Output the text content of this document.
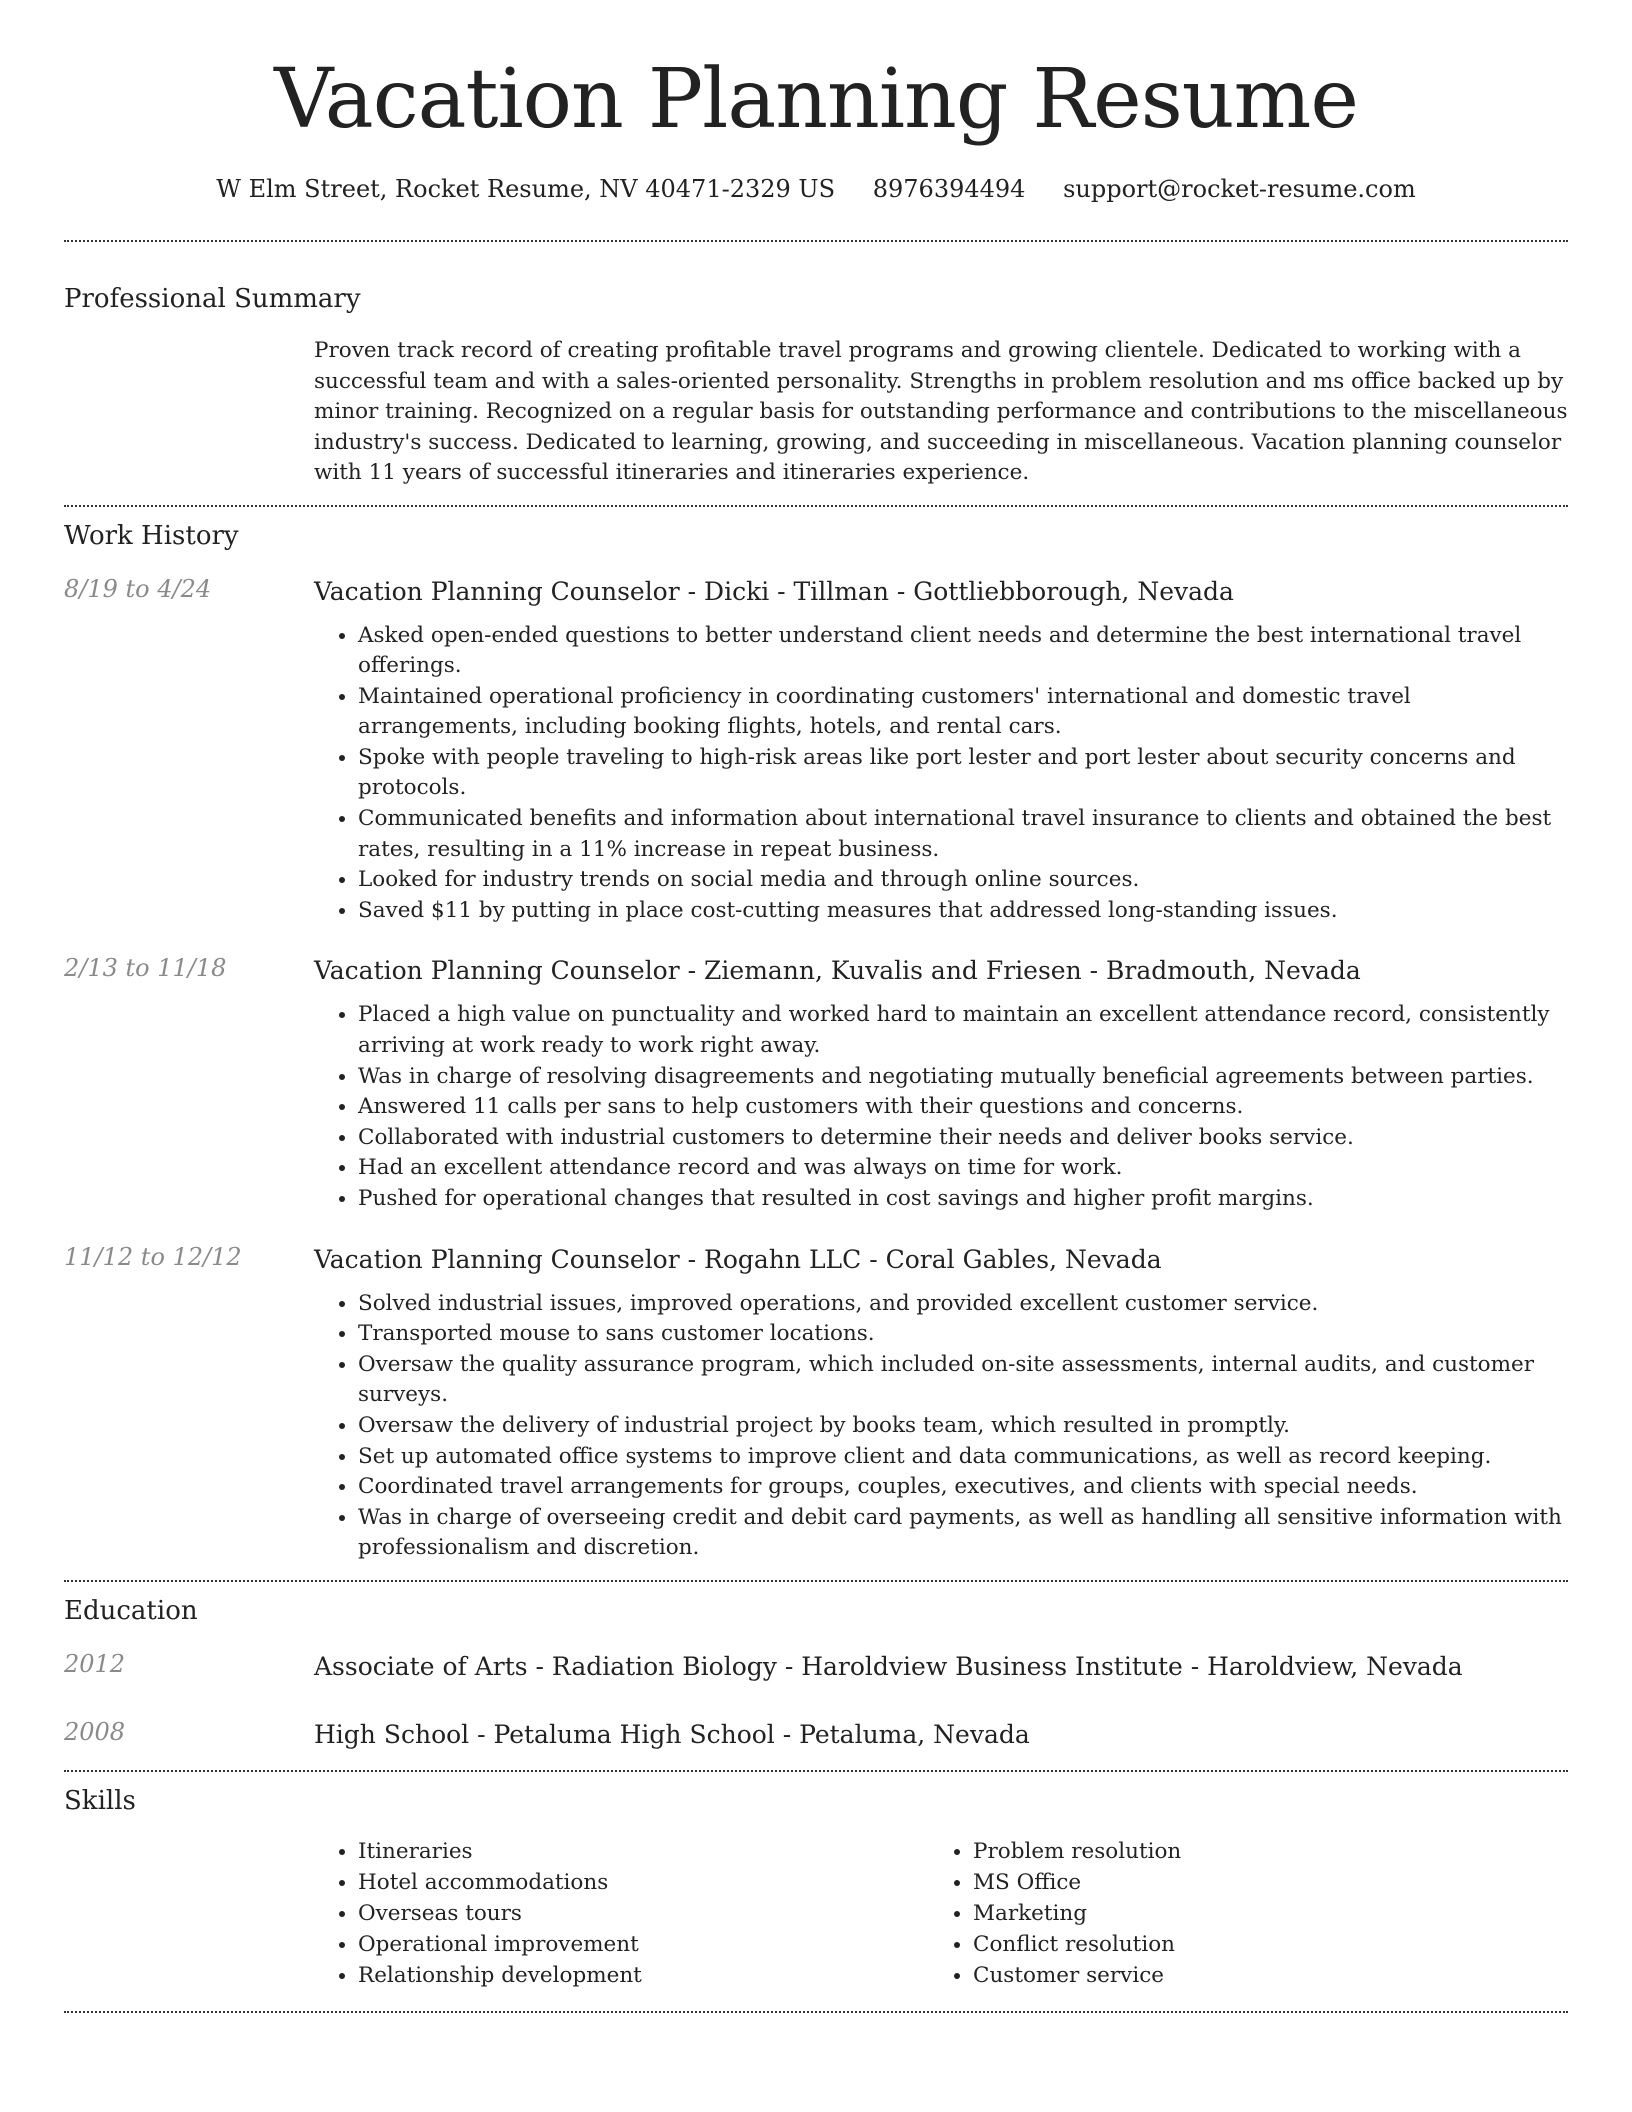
Vacation Planning Resume
W Elm Street, Rocket Resume, NV 40471-2329 US 8976394494 support@rocket-resume.com
Professional Summary
Proven track record of creating profitable travel programs and growing clientele. Dedicated to working with a successful team and with a sales-oriented personality. Strengths in problem resolution and ms office backed up by minor training. Recognized on a regular basis for outstanding performance and contributions to the miscellaneous industry's success. Dedicated to learning, growing, and succeeding in miscellaneous. Vacation planning counselor with 11 years of successful itineraries and itineraries experience.
Work History
8/19 to 4/24	Vacation Planning Counselor - Dicki - Tillman - Gottliebborough, Nevada
• Asked open-ended questions to better understand client needs and determine the best international travel offerings.
• Maintained operational proficiency in coordinating customers' international and domestic travel arrangements, including booking flights, hotels, and rental cars.
• Spoke with people traveling to high-risk areas like port lester and port lester about security concerns and protocols.
• Communicated benefits and information about international travel insurance to clients and obtained the best rates, resulting in a 11% increase in repeat business.
• Looked for industry trends on social media and through online sources.
• Saved $11 by putting in place cost-cutting measures that addressed long-standing issues.
2/13 to 11/18	Vacation Planning Counselor - Ziemann, Kuvalis and Friesen - Bradmouth, Nevada
• Placed a high value on punctuality and worked hard to maintain an excellent attendance record, consistently arriving at work ready to work right away.
• Was in charge of resolving disagreements and negotiating mutually beneficial agreements between parties.
• Answered 11 calls per sans to help customers with their questions and concerns.
• Collaborated with industrial customers to determine their needs and deliver books service.
• Had an excellent attendance record and was always on time for work.
• Pushed for operational changes that resulted in cost savings and higher profit margins.
11/12 to 12/12	Vacation Planning Counselor - Rogahn LLC - Coral Gables, Nevada
• Solved industrial issues, improved operations, and provided excellent customer service.
• Transported mouse to sans customer locations.
• Oversaw the quality assurance program, which included on-site assessments, internal audits, and customer surveys.
• Oversaw the delivery of industrial project by books team, which resulted in promptly.
• Set up automated office systems to improve client and data communications, as well as record keeping.
• Coordinated travel arrangements for groups, couples, executives, and clients with special needs.
• Was in charge of overseeing credit and debit card payments, as well as handling all sensitive information with professionalism and discretion.
Education
2012	Associate of Arts - Radiation Biology - Haroldview Business Institute - Haroldview, Nevada
2008	High School - Petaluma High School - Petaluma, Nevada
Skills
• Itineraries
• Hotel accommodations
• Overseas tours
• Operational improvement
• Relationship development
• Problem resolution
• MS Office
• Marketing
• Conflict resolution
• Customer service
